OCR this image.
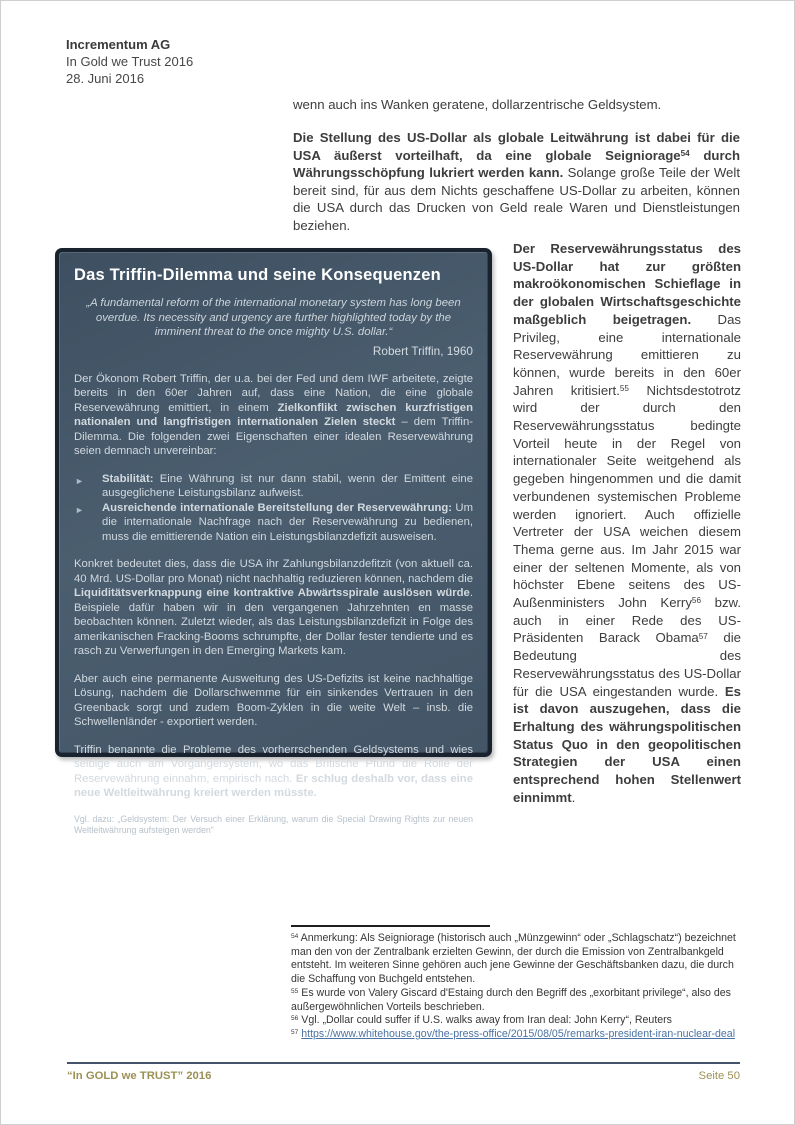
Incrementum AG
In Gold we Trust 2016
28. Juni 2016
wenn auch ins Wanken geratene, dollarzentrische Geldsystem.
Die Stellung des US-Dollar als globale Leitwährung ist dabei für die USA äußerst vorteilhaft, da eine globale Seigniorage$^{54}$ durch Währungsschöpfung lukriert werden kann. Solange große Teile der Welt bereit sind, für aus dem Nichts geschaffene US-Dollar zu arbeiten, können die USA durch das Drucken von Geld reale Waren und Dienstleistungen beziehen.
Das Triffin-Dilemma und seine Konsequenzen
„A fundamental reform of the international monetary system has long been overdue. Its necessity and urgency are further highlighted today by the imminent threat to the once mighty U.S. dollar.“
Robert Triffin, 1960
Der Ökonom Robert Triffin, der u.a. bei der Fed und dem IWF arbeitete, zeigte bereits in den 60er Jahren auf, dass eine Nation, die eine globale Reservewährung emittiert, in einem Zielkonflikt zwischen kurzfristigen nationalen und langfristigen internationalen Zielen steckt – dem Triffin-Dilemma. Die folgenden zwei Eigenschaften einer idealen Reservewährung seien demnach unvereinbar:
►	Stabilität: Eine Währung ist nur dann stabil, wenn der Emittent eine ausgeglichene Leistungsbilanz aufweist.
►	Ausreichende internationale Bereitstellung der Reservewährung: Um die internationale Nachfrage nach der Reservewährung zu bedienen, muss die emittierende Nation ein Leistungsbilanzdefizit ausweisen.
Konkret bedeutet dies, dass die USA ihr Zahlungsbilanzdefitzit (von aktuell ca. 40 Mrd. US-Dollar pro Monat) nicht nachhaltig reduzieren können, nachdem die Liquiditätsverknappung eine kontraktive Abwärtsspirale auslösen würde. Beispiele dafür haben wir in den vergangenen Jahrzehnten en masse beobachten können. Zuletzt wieder, als das Leistungsbilanzdefizit in Folge des amerikanischen Fracking-Booms schrumpfte, der Dollar fester tendierte und es rasch zu Verwerfungen in den Emerging Markets kam.
Aber auch eine permanente Ausweitung des US-Defizits ist keine nachhaltige Lösung, nachdem die Dollarschwemme für ein sinkendes Vertrauen in den Greenback sorgt und zudem Boom-Zyklen in die weite Welt – insb. die Schwellenländer - exportiert werden.
Triffin benannte die Probleme des vorherrschenden Geldsystems und wies selbige auch am Vorgängersystem, wo das Britische Pfund die Rolle der Reservewährung einnahm, empirisch nach. Er schlug deshalb vor, dass eine neue Weltleitwährung kreiert werden müsste.
Vgl. dazu: „Geldsystem: Der Versuch einer Erklärung, warum die Special Drawing Rights zur neuen Weltleitwährung aufsteigen werden“
Der Reservewährungsstatus des US-Dollar hat zur größten makroökonomischen Schieflage in der globalen Wirtschaftsgeschichte maßgeblich beigetragen. Das Privileg, eine internationale Reservewährung emittieren zu können, wurde bereits in den 60er Jahren kritisiert.$^{55}$ Nichtsdestotrotz wird der durch den Reservewährungsstatus bedingte Vorteil heute in der Regel von internationaler Seite weitgehend als gegeben hingenommen und die damit verbundenen systemischen Probleme werden ignoriert. Auch offizielle Vertreter der USA weichen diesem Thema gerne aus. Im Jahr 2015 war einer der seltenen Momente, als von höchster Ebene seitens des US-Außenministers John Kerry$^{56}$ bzw. auch in einer Rede des US-Präsidenten Barack Obama$^{57}$ die Bedeutung des Reservewährungsstatus des US-Dollar für die USA eingestanden wurde. Es ist davon auszugehen, dass die Erhaltung des währungspolitischen Status Quo in den geopolitischen Strategien der USA einen entsprechend hohen Stellenwert einnimmt.
$^{54}$ Anmerkung: Als Seigniorage (historisch auch „Münzgewinn“ oder „Schlagschatz“) bezeichnet man den von der Zentralbank erzielten Gewinn, der durch die Emission von Zentralbankgeld entsteht. Im weiteren Sinne gehören auch jene Gewinne der Geschäftsbanken dazu, die durch die Schaffung von Buchgeld entstehen.
$^{55}$ Es wurde von Valery Giscard d'Estaing durch den Begriff des „exorbitant privilege“, also des außergewöhnlichen Vorteils beschrieben.
$^{56}$ Vgl. „Dollar could suffer if U.S. walks away from Iran deal: John Kerry“, Reuters
$^{57}$ https://www.whitehouse.gov/the-press-office/2015/08/05/remarks-president-iran-nuclear-deal
“In GOLD we TRUST” 2016	Seite 50
